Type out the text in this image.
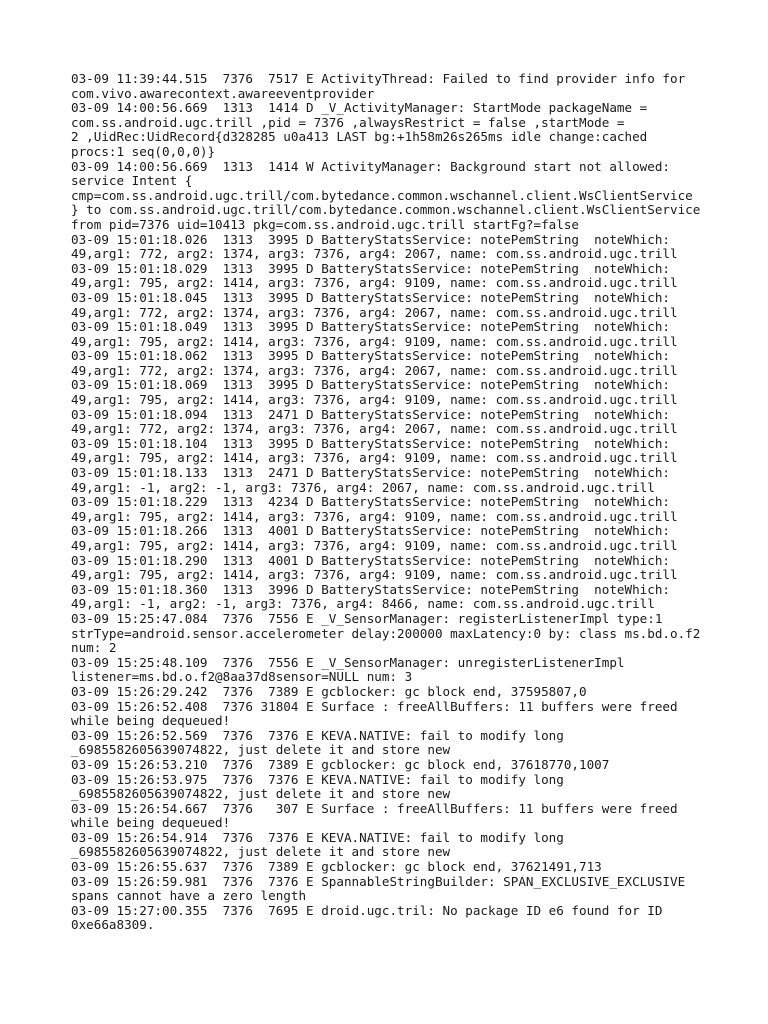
03-09 11:39:44.515  7376  7517 E ActivityThread: Failed to find provider info for
com.vivo.awarecontext.awareeventprovider
03-09 14:00:56.669  1313  1414 D _V_ActivityManager: StartMode packageName =
com.ss.android.ugc.trill ,pid = 7376 ,alwaysRestrict = false ,startMode =
2 ,UidRec:UidRecord{d328285 u0a413 LAST bg:+1h58m26s265ms idle change:cached
procs:1 seq(0,0,0)}
03-09 14:00:56.669  1313  1414 W ActivityManager: Background start not allowed:
service Intent {
cmp=com.ss.android.ugc.trill/com.bytedance.common.wschannel.client.WsClientService
} to com.ss.android.ugc.trill/com.bytedance.common.wschannel.client.WsClientService
from pid=7376 uid=10413 pkg=com.ss.android.ugc.trill startFg?=false
03-09 15:01:18.026  1313  3995 D BatteryStatsService: notePemString  noteWhich:
49,arg1: 772, arg2: 1374, arg3: 7376, arg4: 2067, name: com.ss.android.ugc.trill
03-09 15:01:18.029  1313  3995 D BatteryStatsService: notePemString  noteWhich:
49,arg1: 795, arg2: 1414, arg3: 7376, arg4: 9109, name: com.ss.android.ugc.trill
03-09 15:01:18.045  1313  3995 D BatteryStatsService: notePemString  noteWhich:
49,arg1: 772, arg2: 1374, arg3: 7376, arg4: 2067, name: com.ss.android.ugc.trill
03-09 15:01:18.049  1313  3995 D BatteryStatsService: notePemString  noteWhich:
49,arg1: 795, arg2: 1414, arg3: 7376, arg4: 9109, name: com.ss.android.ugc.trill
03-09 15:01:18.062  1313  3995 D BatteryStatsService: notePemString  noteWhich:
49,arg1: 772, arg2: 1374, arg3: 7376, arg4: 2067, name: com.ss.android.ugc.trill
03-09 15:01:18.069  1313  3995 D BatteryStatsService: notePemString  noteWhich:
49,arg1: 795, arg2: 1414, arg3: 7376, arg4: 9109, name: com.ss.android.ugc.trill
03-09 15:01:18.094  1313  2471 D BatteryStatsService: notePemString  noteWhich:
49,arg1: 772, arg2: 1374, arg3: 7376, arg4: 2067, name: com.ss.android.ugc.trill
03-09 15:01:18.104  1313  3995 D BatteryStatsService: notePemString  noteWhich:
49,arg1: 795, arg2: 1414, arg3: 7376, arg4: 9109, name: com.ss.android.ugc.trill
03-09 15:01:18.133  1313  2471 D BatteryStatsService: notePemString  noteWhich:
49,arg1: -1, arg2: -1, arg3: 7376, arg4: 2067, name: com.ss.android.ugc.trill
03-09 15:01:18.229  1313  4234 D BatteryStatsService: notePemString  noteWhich:
49,arg1: 795, arg2: 1414, arg3: 7376, arg4: 9109, name: com.ss.android.ugc.trill
03-09 15:01:18.266  1313  4001 D BatteryStatsService: notePemString  noteWhich:
49,arg1: 795, arg2: 1414, arg3: 7376, arg4: 9109, name: com.ss.android.ugc.trill
03-09 15:01:18.290  1313  4001 D BatteryStatsService: notePemString  noteWhich:
49,arg1: 795, arg2: 1414, arg3: 7376, arg4: 9109, name: com.ss.android.ugc.trill
03-09 15:01:18.360  1313  3996 D BatteryStatsService: notePemString  noteWhich:
49,arg1: -1, arg2: -1, arg3: 7376, arg4: 8466, name: com.ss.android.ugc.trill
03-09 15:25:47.084  7376  7556 E _V_SensorManager: registerListenerImpl type:1
strType=android.sensor.accelerometer delay:200000 maxLatency:0 by: class ms.bd.o.f2
num: 2
03-09 15:25:48.109  7376  7556 E _V_SensorManager: unregisterListenerImpl
listener=ms.bd.o.f2@8aa37d8sensor=NULL num: 3
03-09 15:26:29.242  7376  7389 E gcblocker: gc block end, 37595807,0
03-09 15:26:52.408  7376 31804 E Surface : freeAllBuffers: 11 buffers were freed
while being dequeued!
03-09 15:26:52.569  7376  7376 E KEVA.NATIVE: fail to modify long
_6985582605639074822, just delete it and store new
03-09 15:26:53.210  7376  7389 E gcblocker: gc block end, 37618770,1007
03-09 15:26:53.975  7376  7376 E KEVA.NATIVE: fail to modify long
_6985582605639074822, just delete it and store new
03-09 15:26:54.667  7376   307 E Surface : freeAllBuffers: 11 buffers were freed
while being dequeued!
03-09 15:26:54.914  7376  7376 E KEVA.NATIVE: fail to modify long
_6985582605639074822, just delete it and store new
03-09 15:26:55.637  7376  7389 E gcblocker: gc block end, 37621491,713
03-09 15:26:59.981  7376  7376 E SpannableStringBuilder: SPAN_EXCLUSIVE_EXCLUSIVE
spans cannot have a zero length
03-09 15:27:00.355  7376  7695 E droid.ugc.tril: No package ID e6 found for ID
0xe66a8309.
